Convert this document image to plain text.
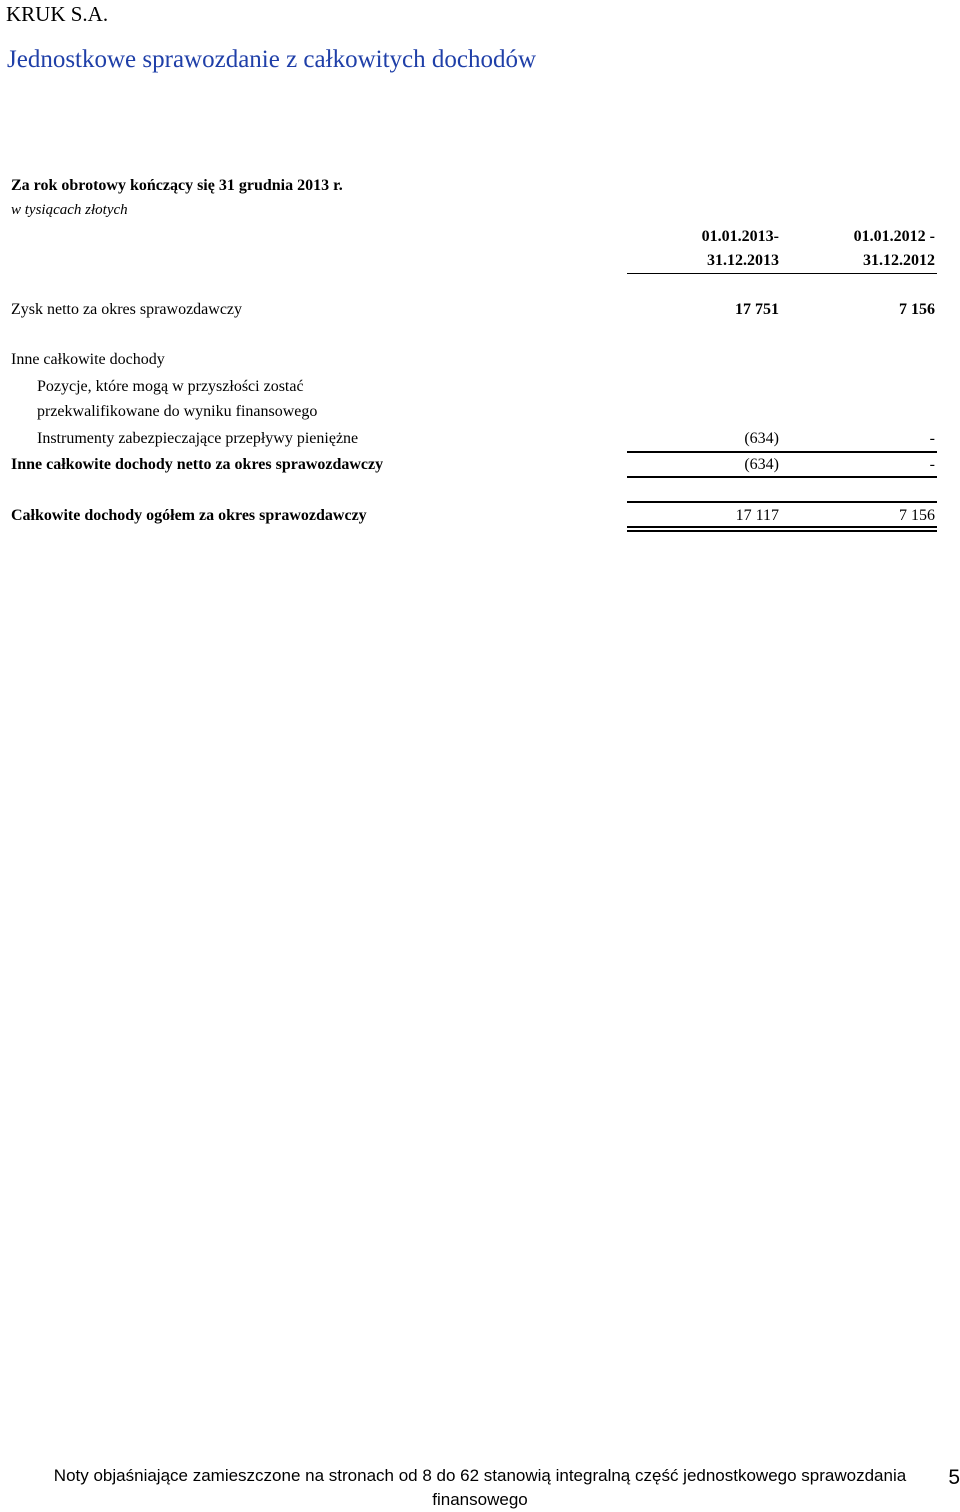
KRUK S.A.
Jednostkowe sprawozdanie z całkowitych dochodów
Za rok obrotowy kończący się 31 grudnia 2013 r.
w tysiącach złotych
01.01.2013-
31.12.2013
01.01.2012 -
31.12.2012
Zysk netto za okres sprawozdawczy	17 751	7 156
Inne całkowite dochody
Pozycje, które mogą w przyszłości zostać
przekwalifikowane do wyniku finansowego
Instrumenty zabezpieczające przepływy pieniężne	(634)	-
Inne całkowite dochody netto za okres sprawozdawczy	(634)	-
Całkowite dochody ogółem za okres sprawozdawczy	17 117	7 156
Noty objaśniające zamieszczone na stronach od 8 do 62 stanowią integralną część jednostkowego sprawozdania finansowego
5
